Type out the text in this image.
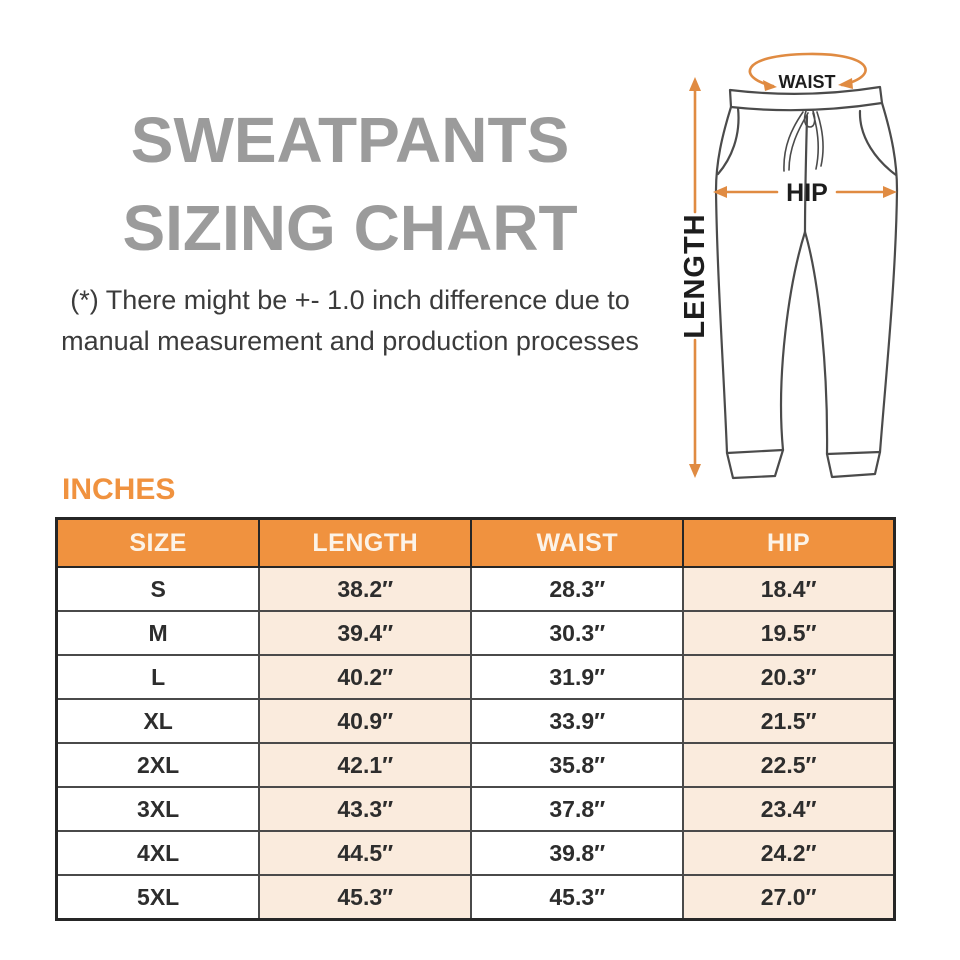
SWEATPANTS
SIZING CHART
(*) There might be +- 1.0 inch difference due to
manual measurement and production processes
WAIST
HIP
LENGTH
INCHES
SIZE	LENGTH	WAIST	HIP
S	38.2″	28.3″	18.4″
M	39.4″	30.3″	19.5″
L	40.2″	31.9″	20.3″
XL	40.9″	33.9″	21.5″
2XL	42.1″	35.8″	22.5″
3XL	43.3″	37.8″	23.4″
4XL	44.5″	39.8″	24.2″
5XL	45.3″	45.3″	27.0″
